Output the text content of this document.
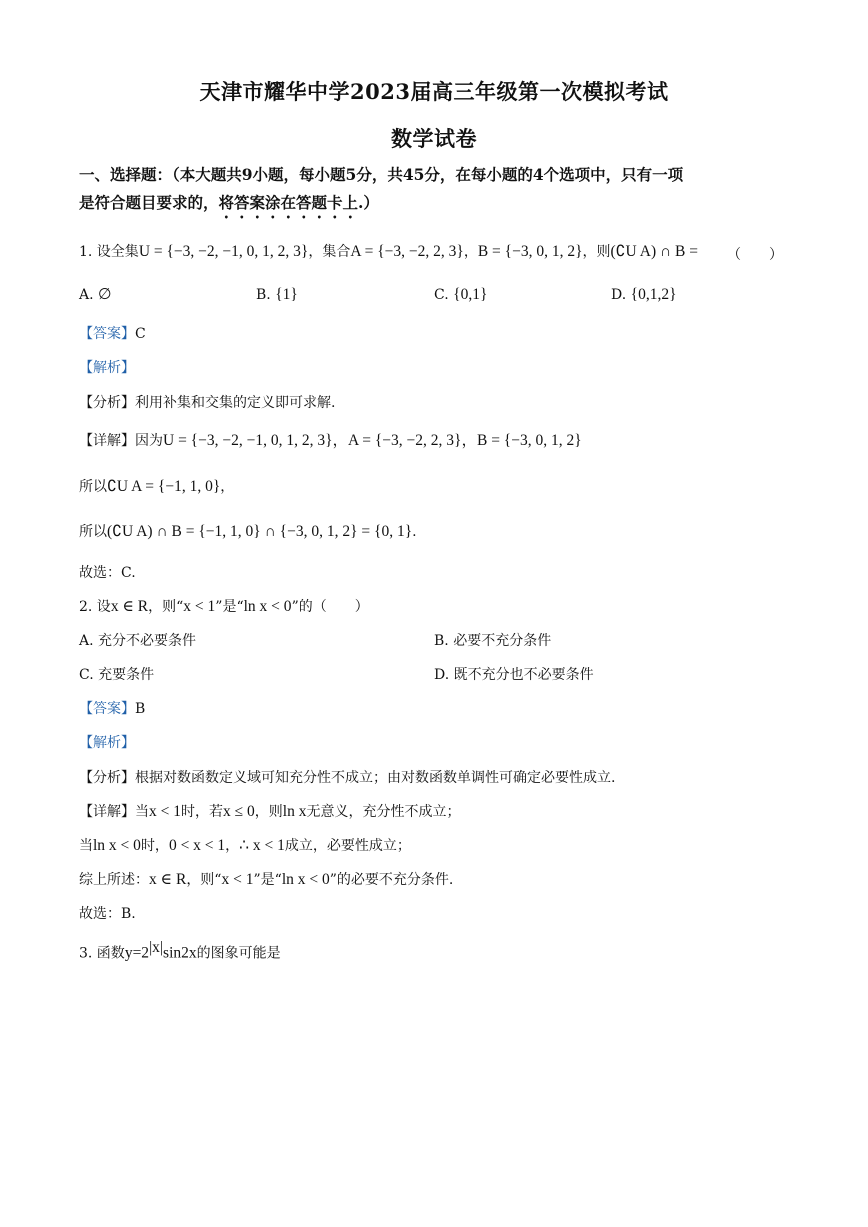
天津市耀华中学2023届高三年级第一次模拟考试
数学试卷
一、选择题：（本大题共9小题，每小题5分，共45分，在每小题的4个选项中，只有一项
是符合题目要求的，将答案涂在答题卡上.）
1. 设全集U = {−3, −2, −1, 0, 1, 2, 3}，集合A = {−3, −2, 2, 3}，B = {−3, 0, 1, 2}，则(∁U A) ∩ B = （　　）
A. ∅	B. {1}	C. {0,1}	D. {0,1,2}
【答案】C
【解析】
【分析】利用补集和交集的定义即可求解.
【详解】因为U = {−3, −2, −1, 0, 1, 2, 3}，A = {−3, −2, 2, 3}，B = {−3, 0, 1, 2}
所以∁U A = {−1, 1, 0}，
所以(∁U A) ∩ B = {−1, 1, 0} ∩ {−3, 0, 1, 2} = {0, 1}.
故选：C.
2. 设x ∈ R，则“x < 1”是“ln x < 0”的（　　）
A. 充分不必要条件	B. 必要不充分条件
C. 充要条件	D. 既不充分也不必要条件
【答案】B
【解析】
【分析】根据对数函数定义域可知充分性不成立；由对数函数单调性可确定必要性成立.
【详解】当x < 1时，若x ≤ 0，则ln x无意义，充分性不成立；
当ln x < 0时，0 < x < 1，∴ x < 1成立，必要性成立；
综上所述：x ∈ R，则“x < 1”是“ln x < 0”的必要不充分条件.
故选：B.
3. 函数$y=2^{|x|}\sin 2x$的图象可能是
